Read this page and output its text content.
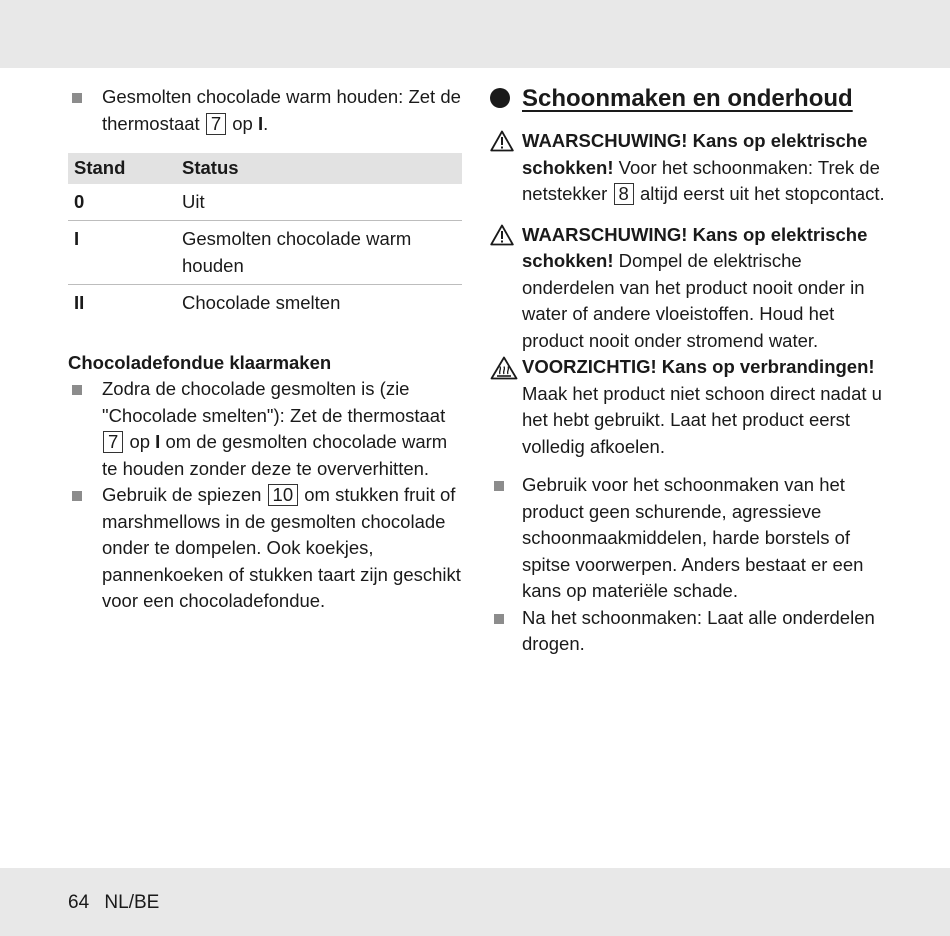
Gesmolten chocolade warm houden: Zet de thermostaat 7 op I.
Stand	Status
0	Uit
I	Gesmolten chocolade warm houden
II	Chocolade smelten
Chocoladefondue klaarmaken
Zodra de chocolade gesmolten is (zie "Chocolade smelten"): Zet de thermostaat 7 op I om de gesmolten chocolade warm te houden zonder deze te oververhitten.
Gebruik de spiezen 10 om stukken fruit of marshmellows in de gesmolten chocolade onder te dompelen. Ook koekjes, pannenkoeken of stukken taart zijn geschikt voor een chocoladefondue.
Schoonmaken en onderhoud
WAARSCHUWING! Kans op elektrische schokken! Voor het schoonmaken: Trek de netstekker 8 altijd eerst uit het stopcontact.
WAARSCHUWING! Kans op elektrische schokken! Dompel de elektrische onderdelen van het product nooit onder in water of andere vloeistoffen. Houd het product nooit onder stromend water.
VOORZICHTIG! Kans op verbrandingen! Maak het product niet schoon direct nadat u het hebt gebruikt. Laat het product eerst volledig afkoelen.
Gebruik voor het schoonmaken van het product geen schurende, agressieve schoonmaakmiddelen, harde borstels of spitse voorwerpen. Anders bestaat er een kans op materiële schade.
Na het schoonmaken: Laat alle onderdelen drogen.
64 NL/BE
